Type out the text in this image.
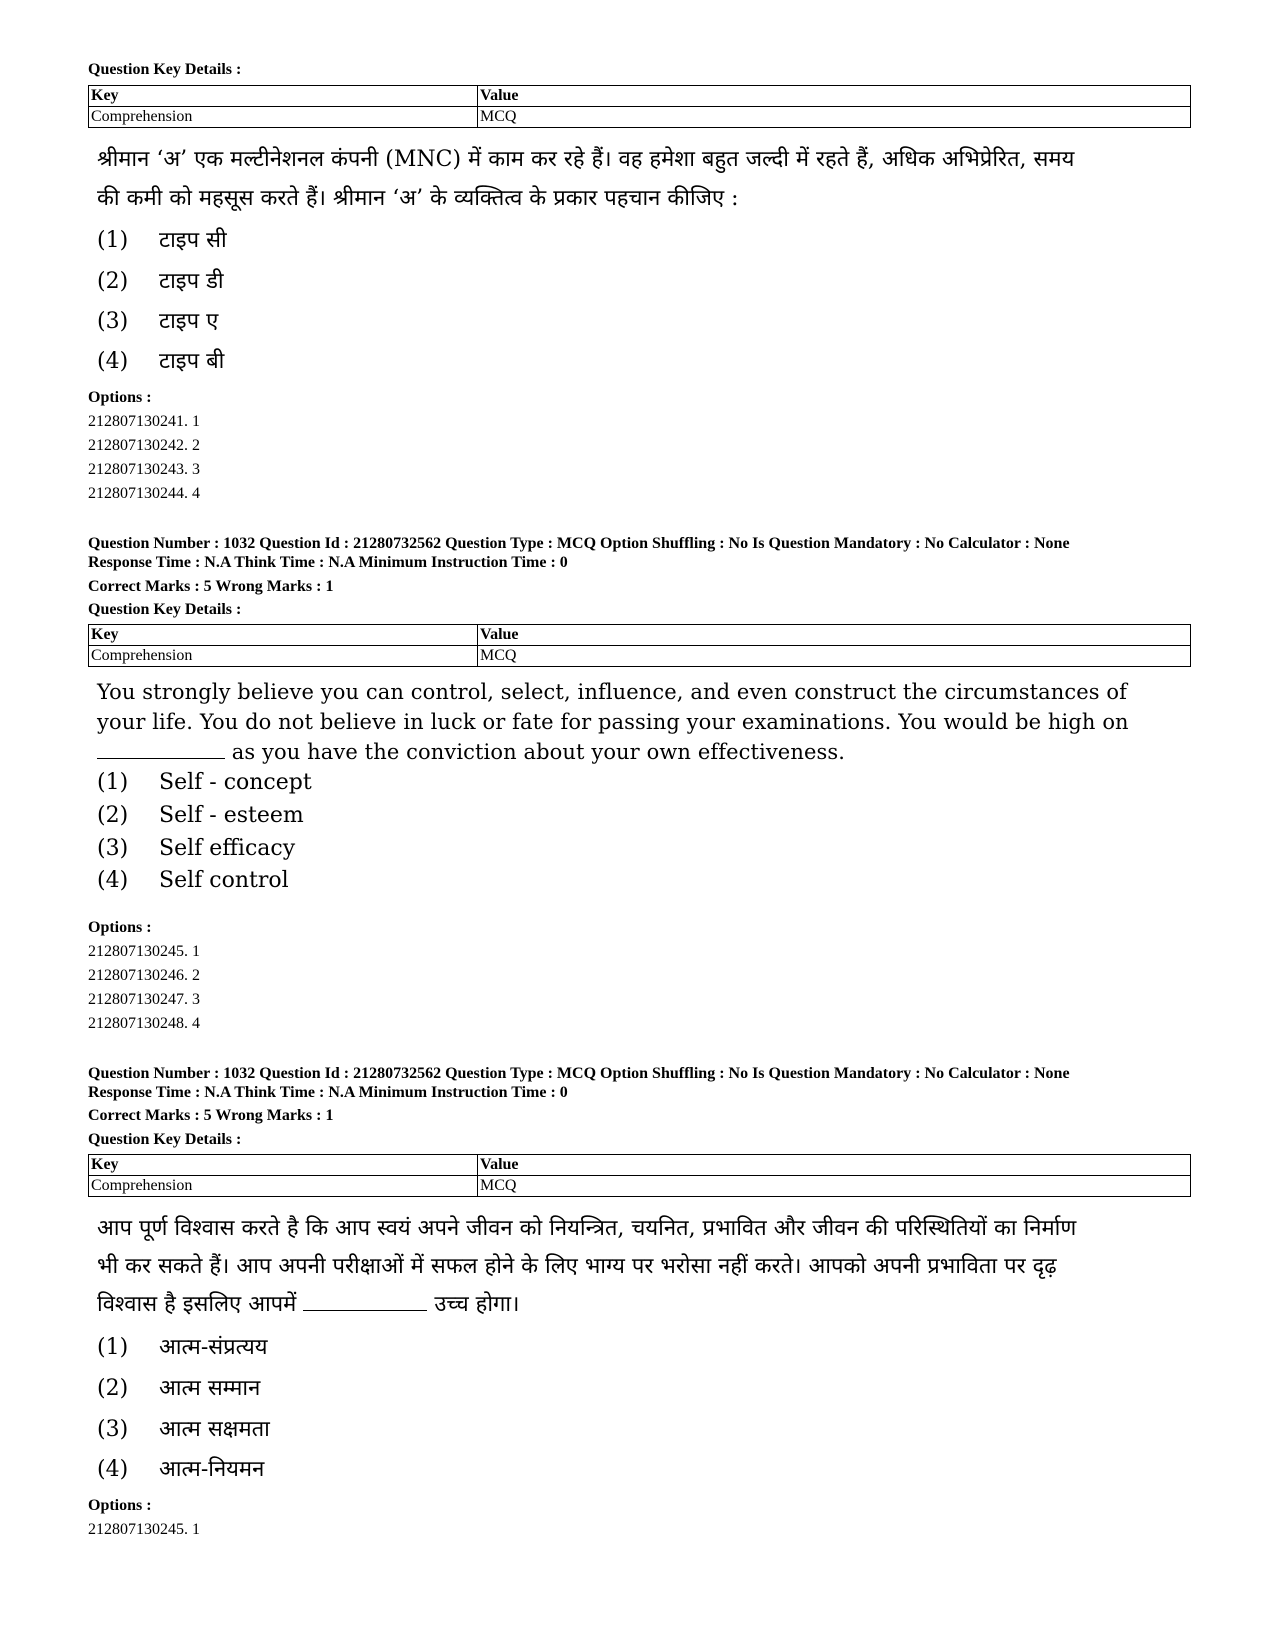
Question Key Details :
Key	Value
Comprehension	MCQ
श्रीमान ‘अ’ एक मल्टीनेशनल कंपनी (MNC) में काम कर रहे हैं। वह हमेशा बहुत जल्दी में रहते हैं, अधिक अभिप्रेरित, समय
की कमी को महसूस करते हैं। श्रीमान ‘अ’ के व्यक्तित्व के प्रकार पहचान कीजिए :
(1) टाइप सी
(2) टाइप डी
(3) टाइप ए
(4) टाइप बी
Options :
212807130241. 1
212807130242. 2
212807130243. 3
212807130244. 4
Question Number : 1032 Question Id : 21280732562 Question Type : MCQ Option Shuffling : No Is Question Mandatory : No Calculator : None
Response Time : N.A Think Time : N.A Minimum Instruction Time : 0
Correct Marks : 5 Wrong Marks : 1
Question Key Details :
Key	Value
Comprehension	MCQ
You strongly believe you can control, select, influence, and even construct the circumstances of
your life. You do not believe in luck or fate for passing your examinations. You would be high on
as you have the conviction about your own effectiveness.
(1) Self - concept
(2) Self - esteem
(3) Self efficacy
(4) Self control
Options :
212807130245. 1
212807130246. 2
212807130247. 3
212807130248. 4
Question Number : 1032 Question Id : 21280732562 Question Type : MCQ Option Shuffling : No Is Question Mandatory : No Calculator : None
Response Time : N.A Think Time : N.A Minimum Instruction Time : 0
Correct Marks : 5 Wrong Marks : 1
Question Key Details :
Key	Value
Comprehension	MCQ
आप पूर्ण विश्वास करते है कि आप स्वयं अपने जीवन को नियन्त्रित, चयनित, प्रभावित और जीवन की परिस्थितियों का निर्माण
भी कर सकते हैं। आप अपनी परीक्षाओं में सफल होने के लिए भाग्य पर भरोसा नहीं करते। आपको अपनी प्रभाविता पर दृढ़
विश्वास है इसलिए आपमें	उच्च होगा।
(1) आत्म-संप्रत्यय
(2) आत्म सम्मान
(3) आत्म सक्षमता
(4) आत्म-नियमन
Options :
212807130245. 1
